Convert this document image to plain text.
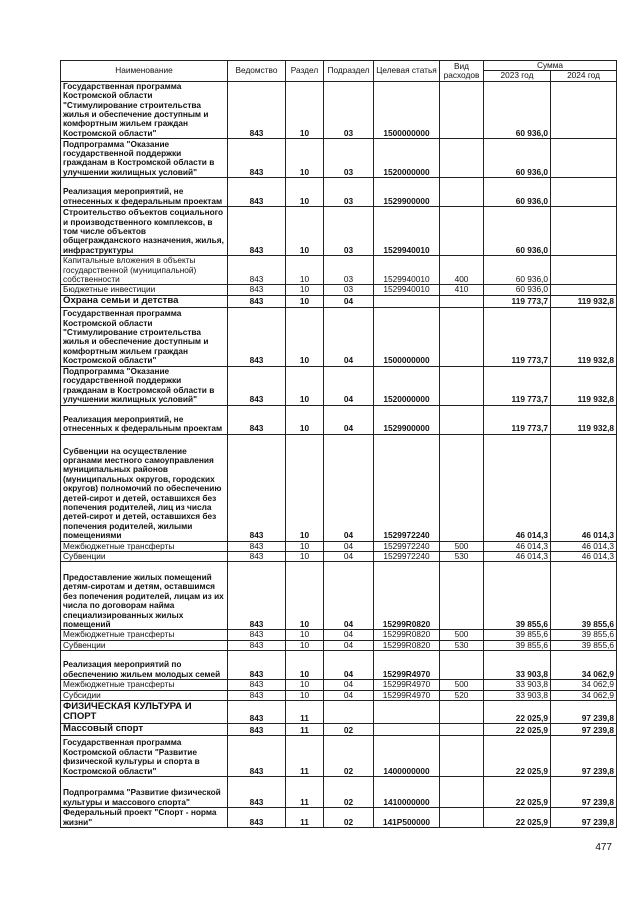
Наименование	Ведомство	Раздел	Подраздел	Целевая статья	Вид расходов	Сумма	
						2023 год	2024 год
Государственная программа Костромской области "Стимулирование строительства жилья и обеспечение доступным и комфортным жильем граждан Костромской области"	843	10	03	1500000000		60 936,0	
Подпрограмма "Оказание государственной поддержки гражданам в Костромской области в улучшении жилищных условий"	843	10	03	1520000000		60 936,0	
Реализация мероприятий, не отнесенных к федеральным проектам	843	10	03	1529900000		60 936,0	
Строительство объектов социального и производственного комплексов, в том числе объектов общегражданского назначения, жилья, инфраструктуры	843	10	03	1529940010		60 936,0	
Капитальные вложения в объекты государственной (муниципальной) собственности	843	10	03	1529940010	400	60 936,0	
Бюджетные инвестиции	843	10	03	1529940010	410	60 936,0	
Охрана семьи и детства	843	10	04			119 773,7	119 932,8
Государственная программа Костромской области "Стимулирование строительства жилья и обеспечение доступным и комфортным жильем граждан Костромской области"	843	10	04	1500000000		119 773,7	119 932,8
Подпрограмма "Оказание государственной поддержки гражданам в Костромской области в улучшении жилищных условий"	843	10	04	1520000000		119 773,7	119 932,8
Реализация мероприятий, не отнесенных к федеральным проектам	843	10	04	1529900000		119 773,7	119 932,8
Субвенции на осуществление органами местного самоуправления муниципальных районов (муниципальных округов, городских округов) полномочий по обеспечению детей-сирот и детей, оставшихся без попечения родителей, лиц из числа детей-сирот и детей, оставшихся без попечения родителей, жилыми помещениями	843	10	04	1529972240		46 014,3	46 014,3
Межбюджетные трансферты	843	10	04	1529972240	500	46 014,3	46 014,3
Субвенции	843	10	04	1529972240	530	46 014,3	46 014,3
Предоставление жилых помещений детям-сиротам и детям, оставшимся без попечения родителей, лицам из их числа по договорам найма специализированных жилых помещений	843	10	04	15299R0820		39 855,6	39 855,6
Межбюджетные трансферты	843	10	04	15299R0820	500	39 855,6	39 855,6
Субвенции	843	10	04	15299R0820	530	39 855,6	39 855,6
Реализация мероприятий по обеспечению жильем молодых семей	843	10	04	15299R4970		33 903,8	34 062,9
Межбюджетные трансферты	843	10	04	15299R4970	500	33 903,8	34 062,9
Субсидии	843	10	04	15299R4970	520	33 903,8	34 062,9
ФИЗИЧЕСКАЯ КУЛЬТУРА И СПОРТ	843	11				22 025,9	97 239,8
Массовый спорт	843	11	02			22 025,9	97 239,8
Государственная программа Костромской области "Развитие физической культуры и спорта в Костромской области"	843	11	02	1400000000		22 025,9	97 239,8
Подпрограмма "Развитие физической культуры и массового спорта"	843	11	02	1410000000		22 025,9	97 239,8
Федеральный проект "Спорт - норма жизни"	843	11	02	141P500000		22 025,9	97 239,8
477
